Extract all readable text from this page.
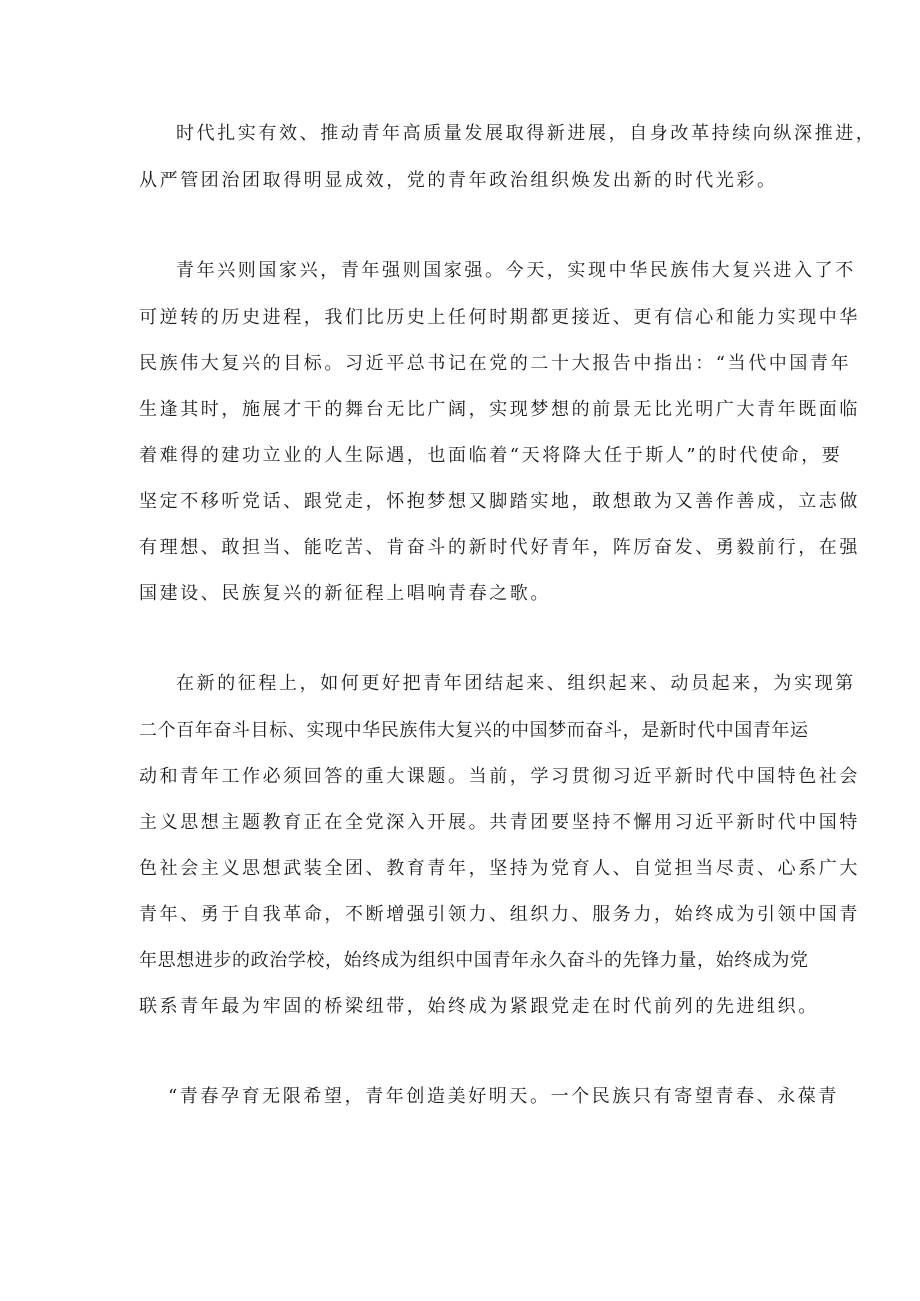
时代扎实有效、推动青年高质量发展取得新进展，自身改革持续向纵深推进，

从严管团治团取得明显成效，党的青年政治组织焕发出新的时代光彩。

青年兴则国家兴，青年强则国家强。今天，实现中华民族伟大复兴进入了不

可逆转的历史进程，我们比历史上任何时期都更接近、更有信心和能力实现中华

民族伟大复兴的目标。习近平总书记在党的二十大报告中指出：“当代中国青年

生逢其时，施展才干的舞台无比广阔，实现梦想的前景无比光明广大青年既面临

着难得的建功立业的人生际遇，也面临着“天将降大任于斯人”的时代使命，要

坚定不移听党话、跟党走，怀抱梦想又脚踏实地，敢想敢为又善作善成，立志做

有理想、敢担当、能吃苦、肯奋斗的新时代好青年，阵厉奋发、勇毅前行，在强

国建设、民族复兴的新征程上唱响青春之歌。

在新的征程上，如何更好把青年团结起来、组织起来、动员起来，为实现第

二个百年奋斗目标、实现中华民族伟大复兴的中国梦而奋斗，是新时代中国青年运

动和青年工作必须回答的重大课题。当前，学习贯彻习近平新时代中国特色社会

主义思想主题教育正在全党深入开展。共青团要坚持不懈用习近平新时代中国特

色社会主义思想武装全团、教育青年，坚持为党育人、自觉担当尽责、心系广大

青年、勇于自我革命，不断增强引领力、组织力、服务力，始终成为引领中国青

年思想进步的政治学校，始终成为组织中国青年永久奋斗的先锋力量，始终成为党

联系青年最为牢固的桥梁纽带，始终成为紧跟党走在时代前列的先进组织。

“青春孕育无限希望，青年创造美好明天。一个民族只有寄望青春、永葆青
